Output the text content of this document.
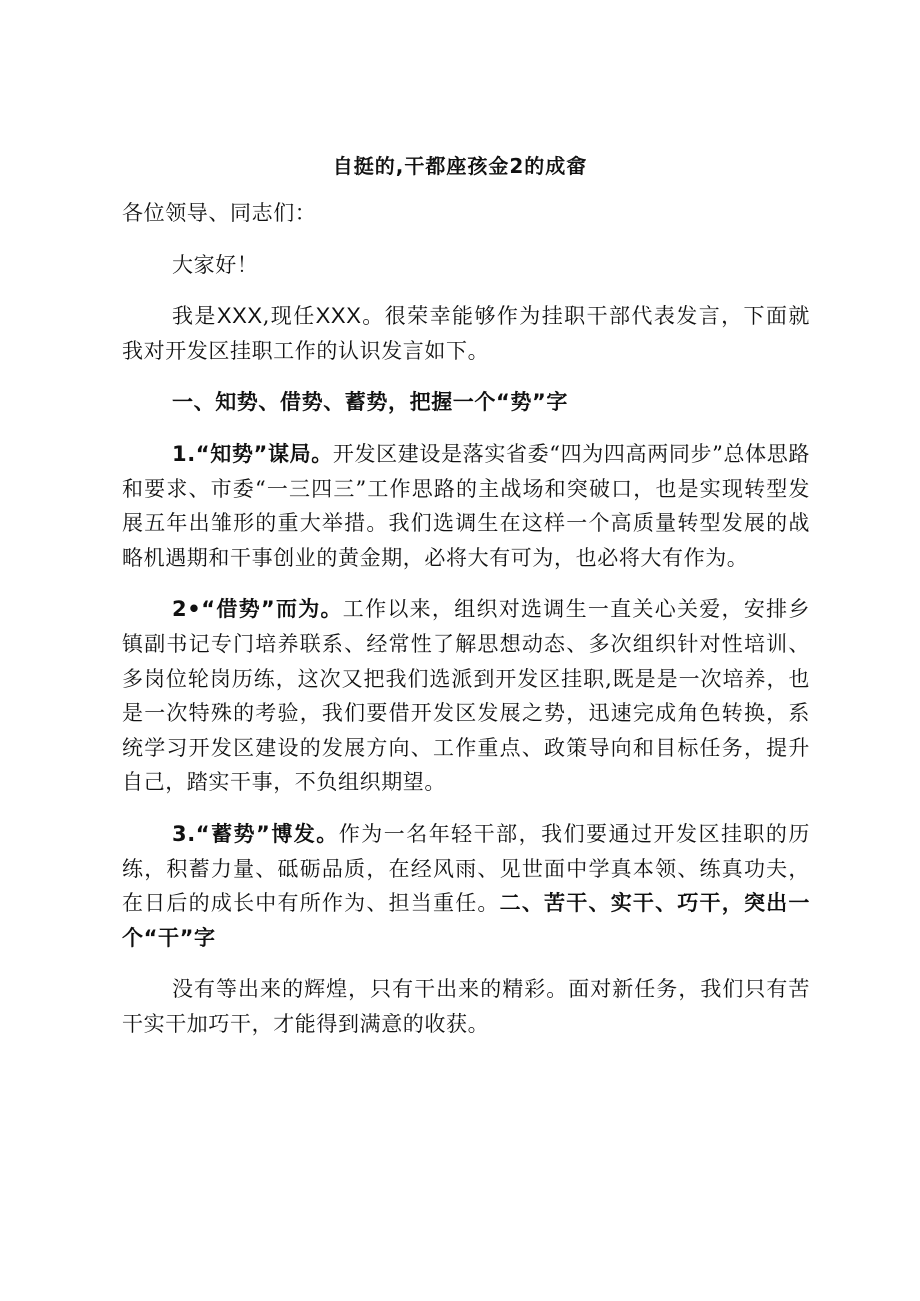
自挺的,干都座孩金2的成畲

各位领导、同志们：

大家好！

我是XXX,现任XXX。很荣幸能够作为挂职干部代表发言，下面就我对开发区挂职工作的认识发言如下。

一、知势、借势、蓄势，把握一个“势”字

1.“知势”谋局。开发区建设是落实省委“四为四高两同步”总体思路和要求、市委“一三四三”工作思路的主战场和突破口，也是实现转型发展五年出雏形的重大举措。我们选调生在这样一个高质量转型发展的战略机遇期和干事创业的黄金期，必将大有可为，也必将大有作为。

2•“借势”而为。工作以来，组织对选调生一直关心关爱，安排乡镇副书记专门培养联系、经常性了解思想动态、多次组织针对性培训、多岗位轮岗历练，这次又把我们选派到开发区挂职,既是是一次培养，也是一次特殊的考验，我们要借开发区发展之势，迅速完成角色转换，系统学习开发区建设的发展方向、工作重点、政策导向和目标任务，提升自己，踏实干事，不负组织期望。

3.“蓄势”博发。作为一名年轻干部，我们要通过开发区挂职的历练，积蓄力量、砥砺品质，在经风雨、见世面中学真本领、练真功夫，在日后的成长中有所作为、担当重任。二、苦干、实干、巧干，突出一个“干”字

没有等出来的辉煌，只有干出来的精彩。面对新任务，我们只有苦干实干加巧干，才能得到满意的收获。
